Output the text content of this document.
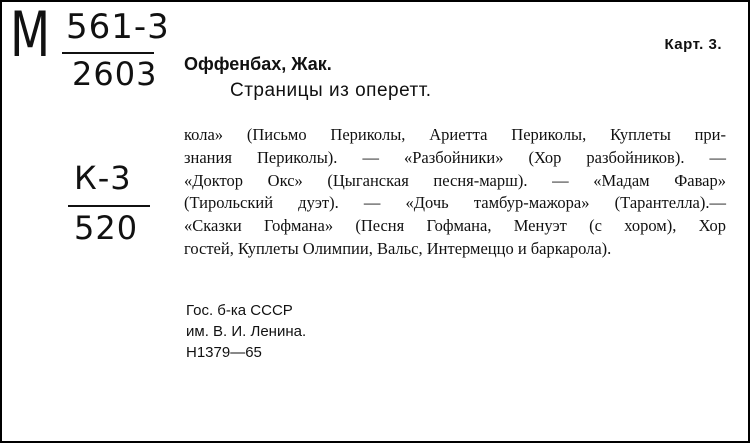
М 561-3
2603
К-3
520
Карт. 3.
Оффенбах, Жак.
Страницы из оперетт.
кола» (Письмо Периколы, Ариетта Периколы, Куплеты при-
знания Периколы). — «Разбойники» (Хор разбойников). —
«Доктор Окс» (Цыганская песня-марш). — «Мадам Фавар»
(Тирольский дуэт). — «Дочь тамбур-мажора» (Тарантелла).—
«Сказки Гофмана» (Песня Гофмана, Менуэт (с хором), Хор
гостей, Куплеты Олимпии, Вальс, Интермеццо и баркарола).
Гос. б-ка СССР
им. В. И. Ленина.
Н1379—65
